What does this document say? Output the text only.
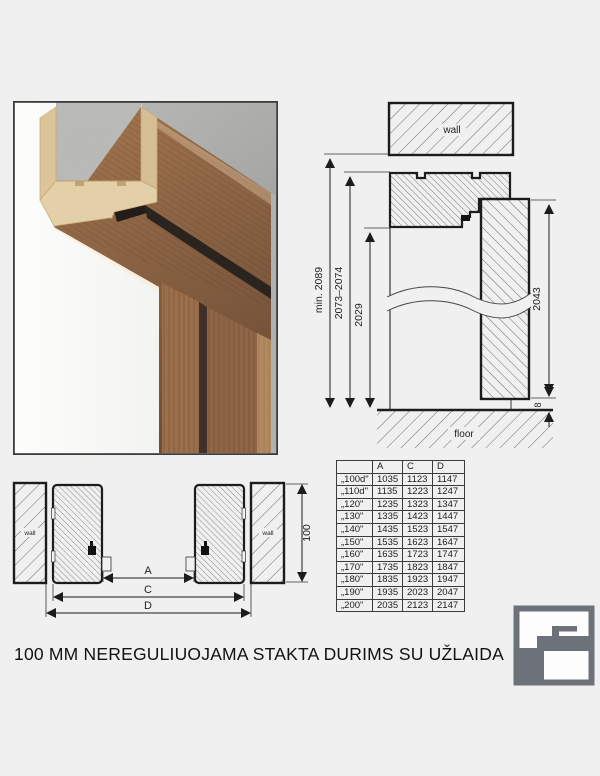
wall
floor
min. 2089 2073–2074 2029
2043
8
wall	wall
A
C
D
100
	A	C	D
„100d"	1035	1123	1147
„110d"	1135	1223	1247
„120"	1235	1323	1347
„130"	1335	1423	1447
„140"	1435	1523	1547
„150"	1535	1623	1647
„160"	1635	1723	1747
„170"	1735	1823	1847
„180"	1835	1923	1947
„190"	1935	2023	2047
„200"	2035	2123	2147
100 MM NEREGULIUOJAMA STAKTA DURIMS SU UŽLAIDA
